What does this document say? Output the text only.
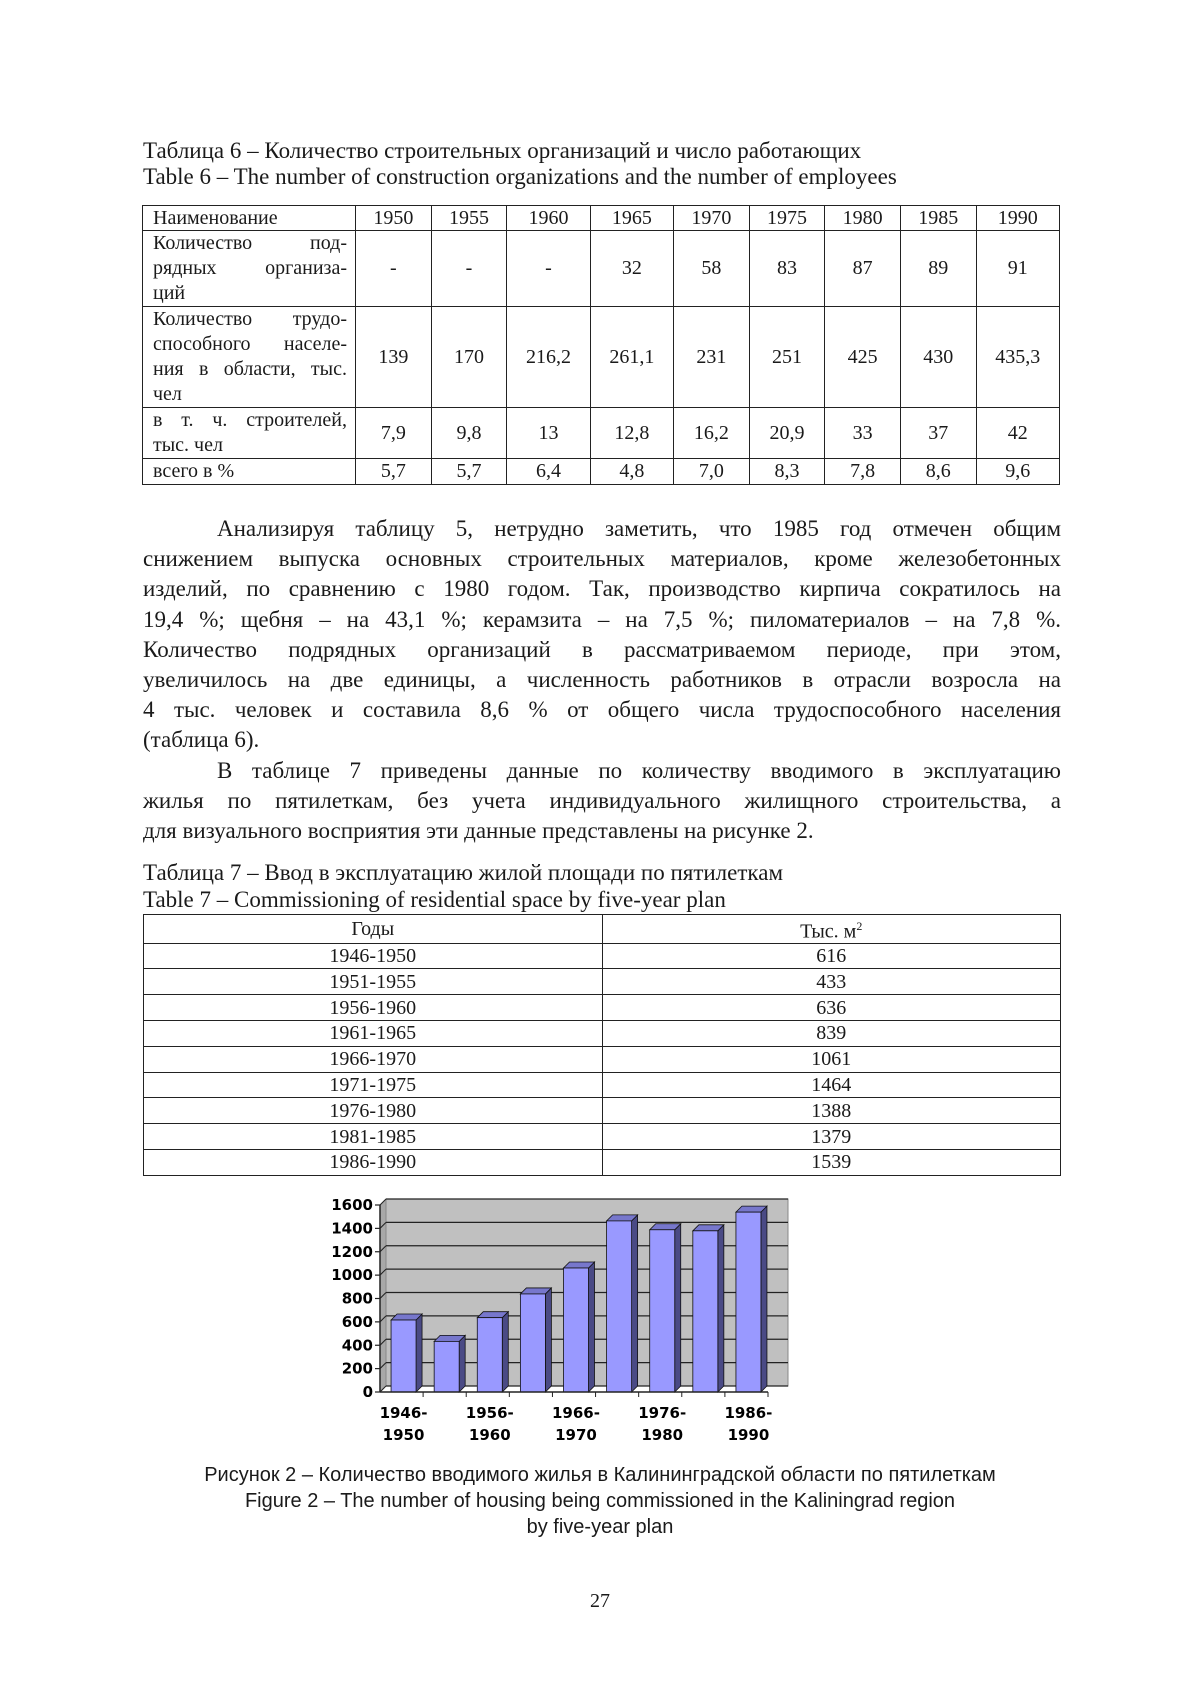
Таблица 6 – Количество строительных организаций и число работающих
Table 6 – The number of construction organizations and the number of employees
Наименование	1950	1955	1960	1965	1970	1975	1980	1985	1990

Количество под-
рядных организа-
ций	-	-	-	32	58	83	87	89	91

Количество трудо-
способного населе-
ния в области, тыс.
чел	139	170	216,2	261,1	231	251	425	430	435,3

в т. ч. строителей,
тыс. чел	7,9	9,8	13	12,8	16,2	20,9	33	37	42

всего в %	5,7	5,7	6,4	4,8	7,0	8,3	7,8	8,6	9,6
Анализируя таблицу 5, нетрудно заметить, что 1985 год отмечен общим
снижением выпуска основных строительных материалов, кроме железобетонных
изделий, по сравнению с 1980 годом. Так, производство кирпича сократилось на
19,4 %; щебня – на 43,1 %; керамзита – на 7,5 %; пиломатериалов – на 7,8 %.
Количество подрядных организаций в рассматриваемом периоде, при этом,
увеличилось на две единицы, а численность работников в отрасли возросла на
4 тыс. человек и составила 8,6 % от общего числа трудоспособного населения
(таблица 6).
В таблице 7 приведены данные по количеству вводимого в эксплуатацию
жилья по пятилеткам, без учета индивидуального жилищного строительства, а
для визуального восприятия эти данные представлены на рисунке 2.
Таблица 7 – Ввод в эксплуатацию жилой площади по пятилеткам
Table 7 – Commissioning of residential space by five-year plan
Годы	Тыс. $м^2$
1946-1950	616
1951-1955	433
1956-1960	636
1961-1965	839
1966-1970	1061
1971-1975	1464
1976-1980	1388
1981-1985	1379
1986-1990	1539
0
200
400
600
800
1000
1200
1400
1600
1946-
1950
1956-
1960
1966-
1970
1976-
1980
1986-
1990
Рисунок 2 – Количество вводимого жилья в Калининградской области по пятилеткам
Figure 2 – The number of housing being commissioned in the Kaliningrad region
by five-year plan
27
